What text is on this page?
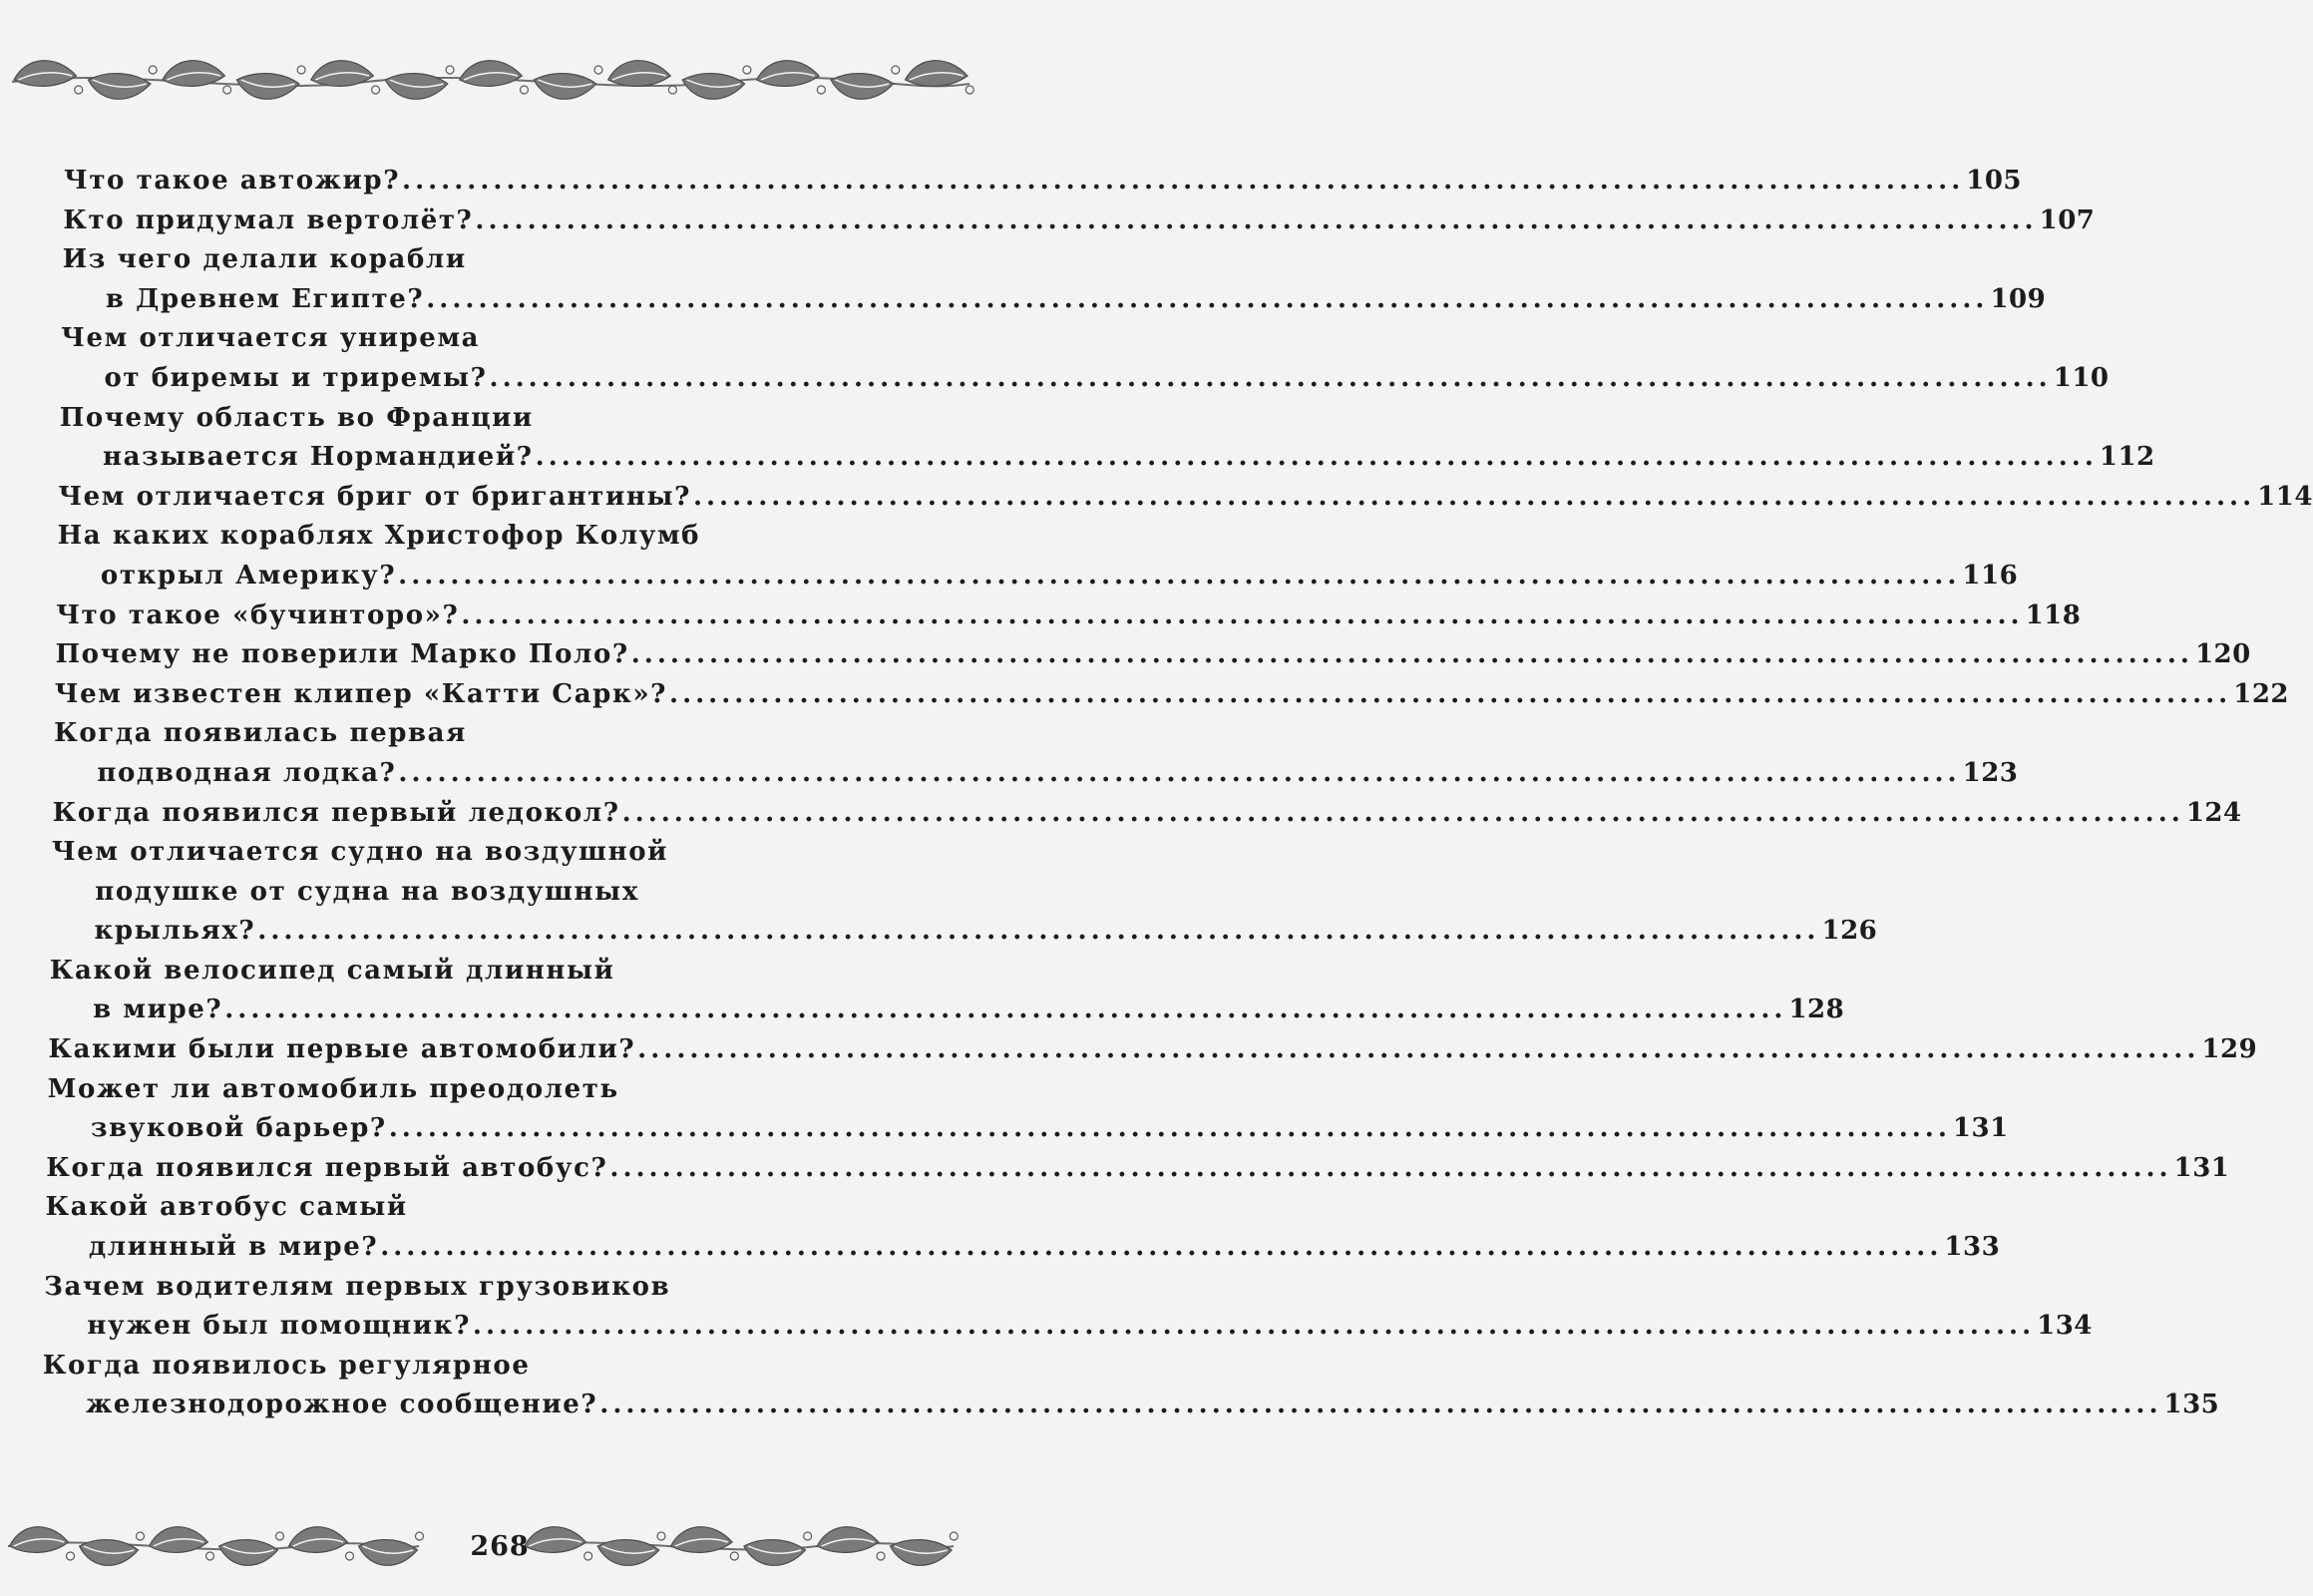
Что такое автожир? ........................................................................................................................ 105
Кто придумал вертолёт? ........................................................................................................................ 107
Из чего делали корабли
в Древнем Египте? ........................................................................................................................ 109
Чем отличается унирема
от биремы и триремы? ........................................................................................................................ 110
Почему область во Франции
называется Нормандией? ........................................................................................................................ 112
Чем отличается бриг от бригантины? ........................................................................................................................ 114
На каких кораблях Христофор Колумб
открыл Америку? ........................................................................................................................ 116
Что такое «бучинторо»? ........................................................................................................................ 118
Почему не поверили Марко Поло? ........................................................................................................................ 120
Чем известен клипер «Катти Сарк»? ........................................................................................................................ 122
Когда появилась первая
подводная лодка? ........................................................................................................................ 123
Когда появился первый ледокол? ........................................................................................................................ 124
Чем отличается судно на воздушной
подушке от судна на воздушных
крыльях? ........................................................................................................................ 126
Какой велосипед самый длинный
в мире? ........................................................................................................................ 128
Какими были первые автомобили? ........................................................................................................................ 129
Может ли автомобиль преодолеть
звуковой барьер? ........................................................................................................................ 131
Когда появился первый автобус? ........................................................................................................................ 131
Какой автобус самый
длинный в мире? ........................................................................................................................ 133
Зачем водителям первых грузовиков
нужен был помощник? ........................................................................................................................ 134
Когда появилось регулярное
железнодорожное сообщение? ........................................................................................................................ 135
268
